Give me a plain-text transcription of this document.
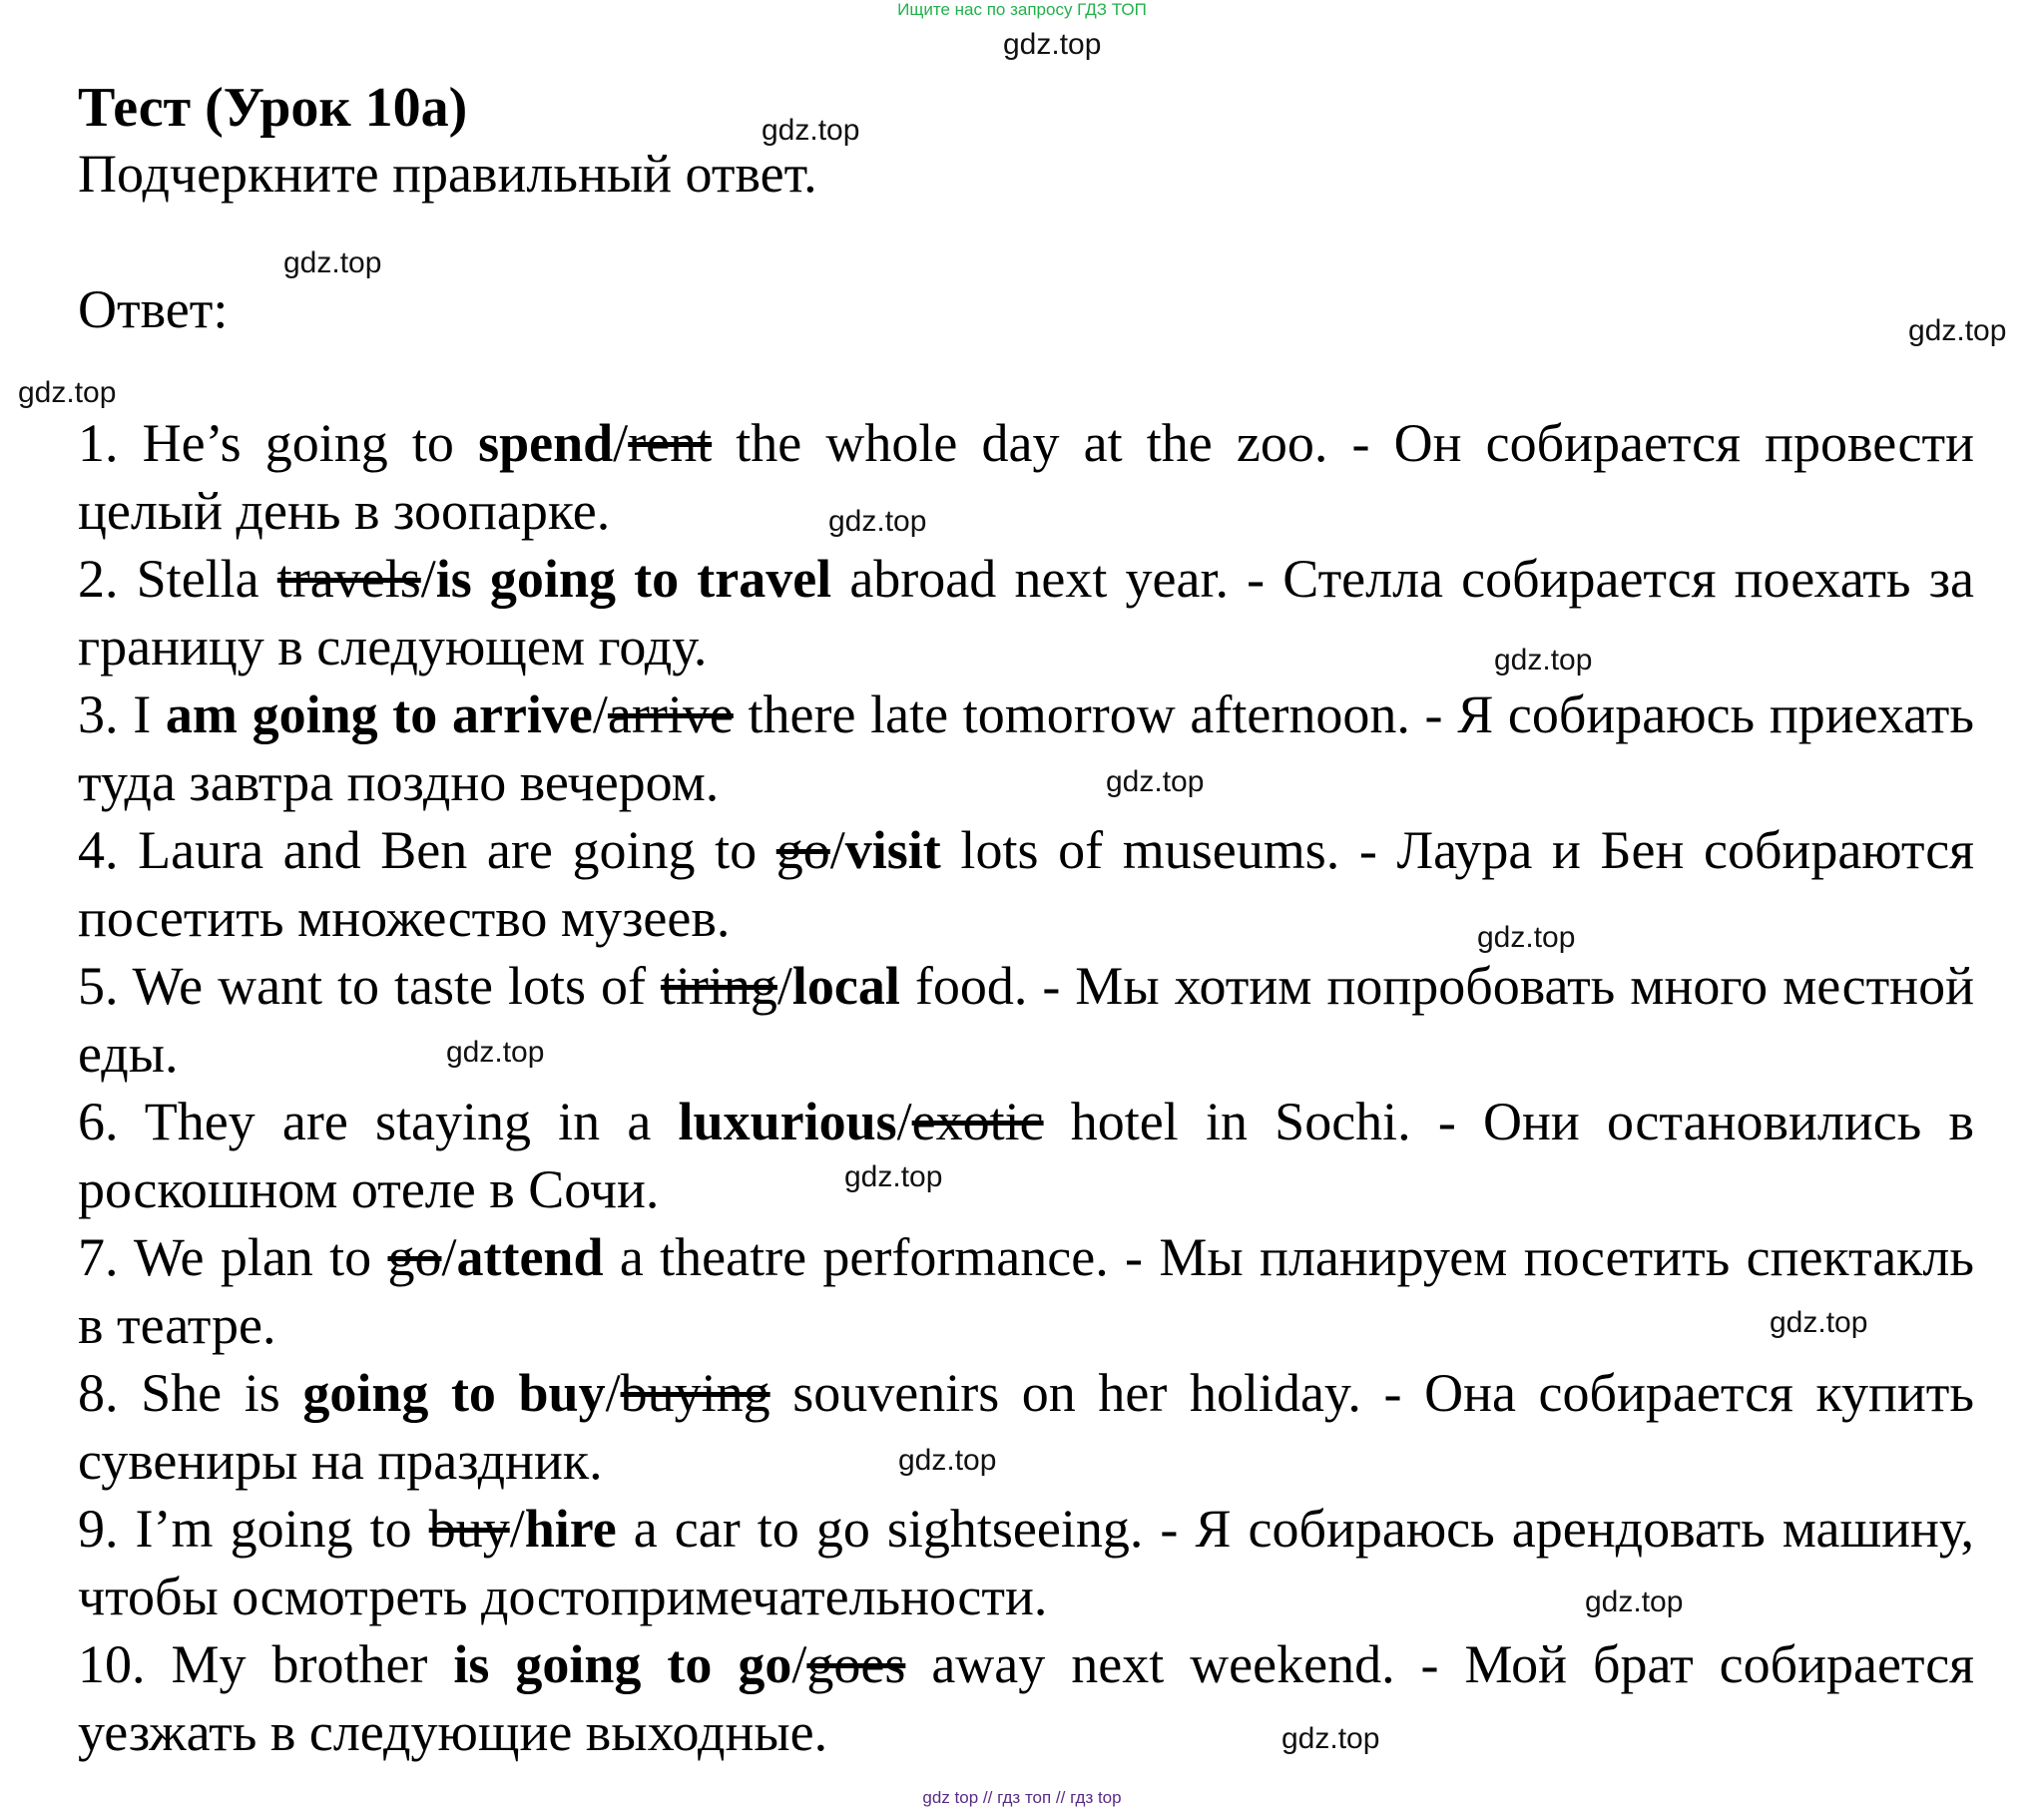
Ищите нас по запросу ГДЗ ТОП
gdz.top
gdz.top
gdz.top
gdz.top
gdz.top
gdz.top
gdz.top
gdz.top
gdz.top
gdz.top
gdz.top
gdz.top
gdz.top
gdz.top
gdz.top
Тест (Урок 10a)
Подчеркните правильный ответ.
Ответ:
1. He’s going to spend/rent the whole day at the zoo. - Он собирается провести целый день в зоопарке.
2. Stella travels/is going to travel abroad next year. - Стелла собирается поехать за границу в следующем году.
3. I am going to arrive/arrive there late tomorrow afternoon. - Я собираюсь приехать туда завтра поздно вечером.
4. Laura and Ben are going to go/visit lots of museums. - Лаура и Бен собираются посетить множество музеев.
5. We want to taste lots of tiring/local food. - Мы хотим попробовать много местной еды.
6. They are staying in a luxurious/exotic hotel in Sochi. - Они остановились в роскошном отеле в Сочи.
7. We plan to go/attend a theatre performance. - Мы планируем посетить спектакль в театре.
8. She is going to buy/buying souvenirs on her holiday. - Она собирается купить сувениры на праздник.
9. I’m going to buy/hire a car to go sightseeing. - Я собираюсь арендовать машину, чтобы осмотреть достопримечательности.
10. My brother is going to go/goes away next weekend. - Мой брат собирается уезжать в следующие выходные.
gdz top // гдз топ // гдз top
